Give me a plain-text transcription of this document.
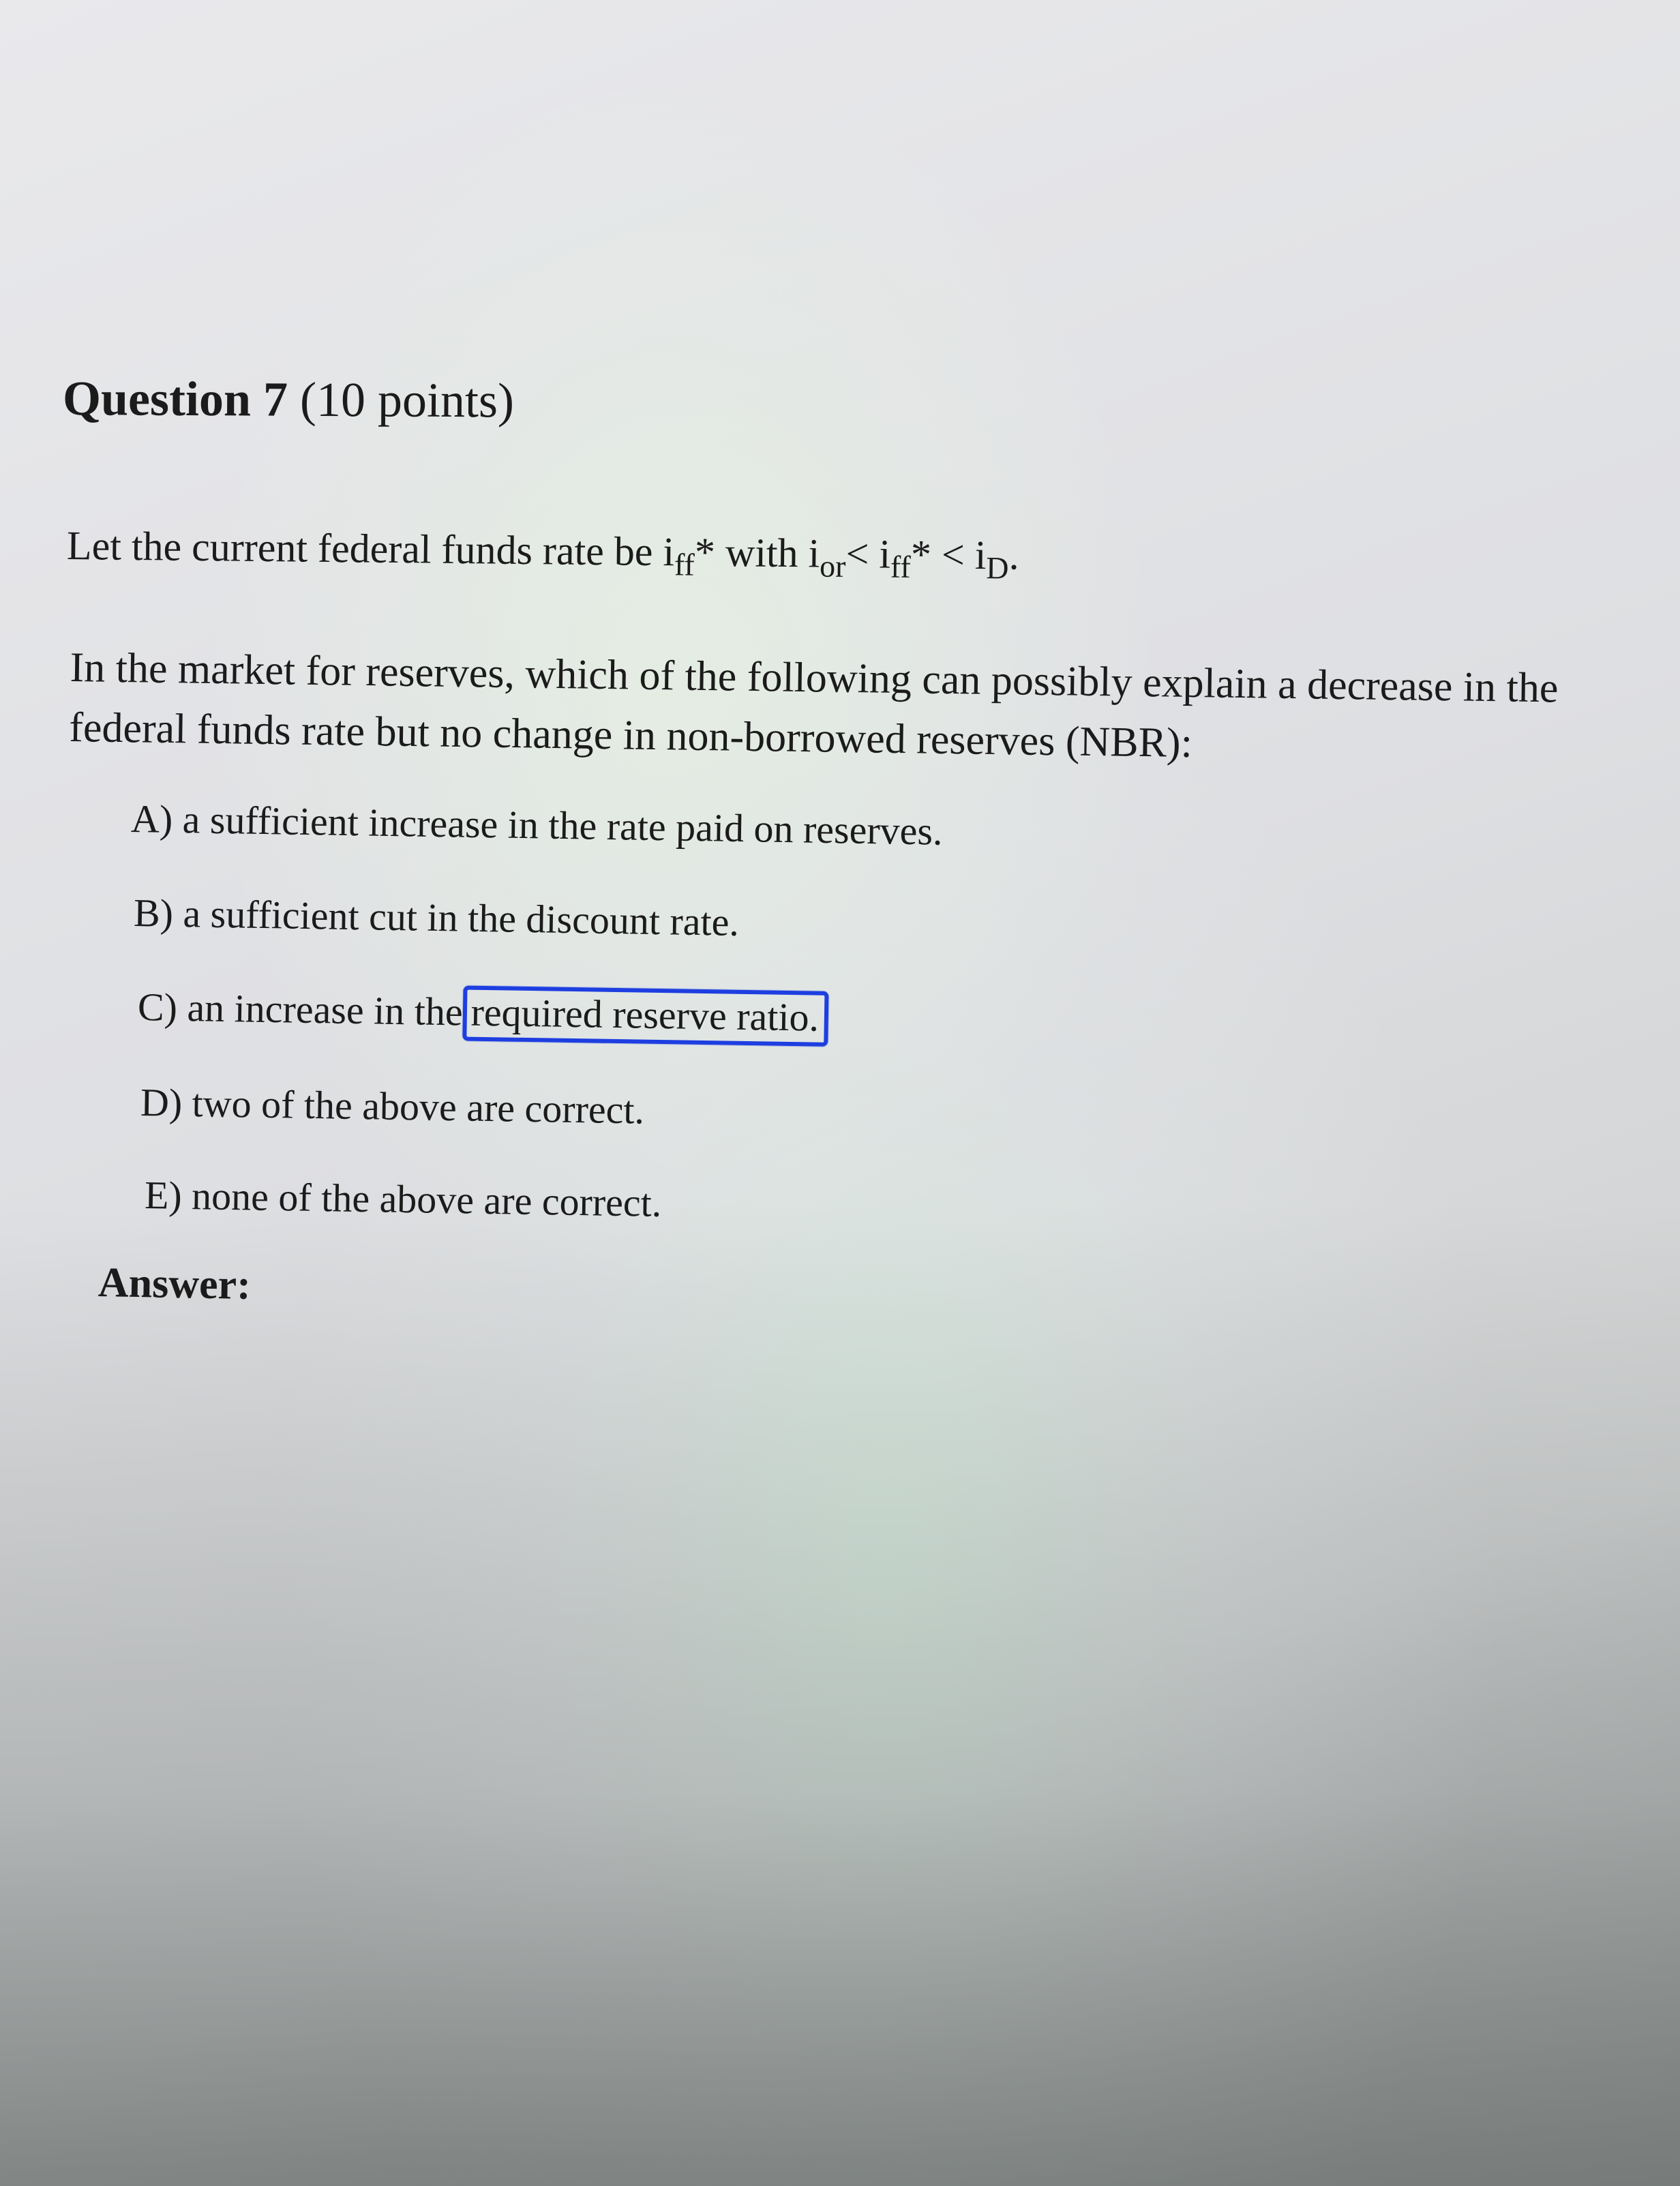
Question 7 (10 points)
Let the current federal funds rate be $i_{ff}*$ with $i_{or}< i_{ff}* < i_D$.
In the market for reserves, which of the following can possibly explain a decrease in the federal funds rate but no change in non-borrowed reserves (NBR):
A) a sufficient increase in the rate paid on reserves.
B) a sufficient cut in the discount rate.
C) an increase in the required reserve ratio.
D) two of the above are correct.
E) none of the above are correct.
Answer:
